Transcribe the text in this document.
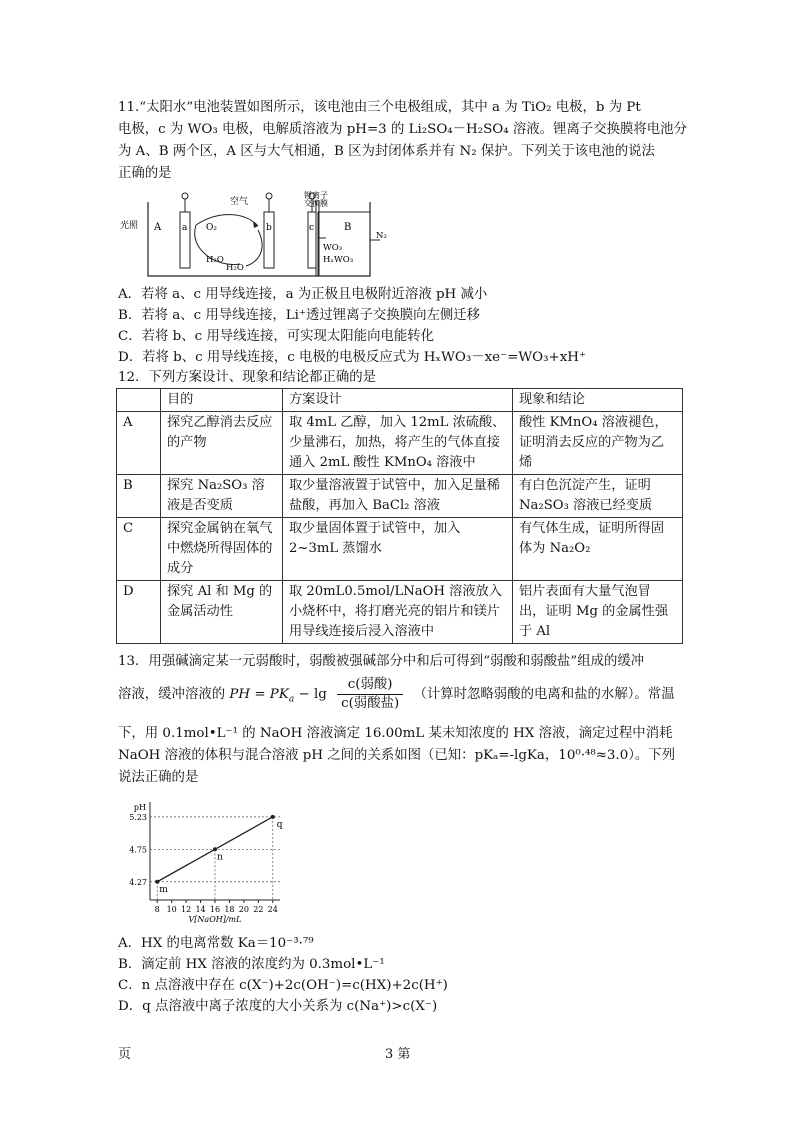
11.“太阳水”电池装置如图所示，该电池由三个电极组成，其中 a 为 TiO₂ 电极，b 为 Pt
电极，c 为 WO₃ 电极，电解质溶液为 pH=3 的 Li₂SO₄－H₂SO₄ 溶液。锂离子交换膜将电池分
为 A、B 两个区，A 区与大气相通，B 区为封闭体系并有 N₂ 保护。下列关于该电池的说法
正确的是
光照 A	B
a	b	c
O₂
空气
H₂O
H₂O
锂离子
交换膜
WO₃
HₓWO₃
N₂
A．若将 a、c 用导线连接，a 为正极且电极附近溶液 pH 减小
B．若将 a、c 用导线连接，Li⁺透过锂离子交换膜向左侧迁移
C．若将 b、c 用导线连接，可实现太阳能向电能转化
D．若将 b、c 用导线连接，c 电极的电极反应式为 HₓWO₃－xe⁻=WO₃+xH⁺
12．下列方案设计、现象和结论都正确的是
	目的	方案设计	现象和结论
A	探究乙醇消去反应的产物	取 4mL 乙醇，加入 12mL 浓硫酸、少量沸石，加热，将产生的气体直接通入 2mL 酸性 KMnO₄ 溶液中	酸性 KMnO₄ 溶液褪色，证明消去反应的产物为乙烯
B	探究 Na₂SO₃ 溶液是否变质	取少量溶液置于试管中，加入足量稀盐酸，再加入 BaCl₂ 溶液	有白色沉淀产生，证明 Na₂SO₃ 溶液已经变质
C	探究金属钠在氧气中燃烧所得固体的成分	取少量固体置于试管中，加入 2~3mL 蒸馏水	有气体生成，证明所得固体为 Na₂O₂
D	探究 Al 和 Mg 的金属活动性	取 20mL0.5mol/LNaOH 溶液放入小烧杯中，将打磨光亮的铝片和镁片用导线连接后浸入溶液中	铝片表面有大量气泡冒出，证明 Mg 的金属性强于 Al
13．用强碱滴定某一元弱酸时，弱酸被强碱部分中和后可得到“弱酸和弱酸盐”组成的缓冲
溶液，缓冲溶液的 PH = $PK_a - \lg \frac{\text{c(弱酸)}}{\text{c(弱酸盐)}}$ （计算时忽略弱酸的电离和盐的水解）。常温
下，用 0.1mol•L⁻¹ 的 NaOH 溶液滴定 16.00mL 某未知浓度的 HX 溶液，滴定过程中消耗
NaOH 溶液的体积与混合溶液 pH 之间的关系如图（已知：pKₐ=-lgKa，10⁰·⁴⁸≈3.0）。下列
说法正确的是
pH
8 10 12 14 16 18 20 22 24
4.27
4.75
5.23
m
n
q
V[NaOH]/mL
A．HX 的电离常数 Ka＝10⁻³·⁷⁹
B．滴定前 HX 溶液的浓度约为 0.3mol•L⁻¹
C．n 点溶液中存在 c(X⁻)+2c(OH⁻)=c(HX)+2c(H⁺)
D．q 点溶液中离子浓度的大小关系为 c(Na⁺)>c(X⁻)
页	3 第
